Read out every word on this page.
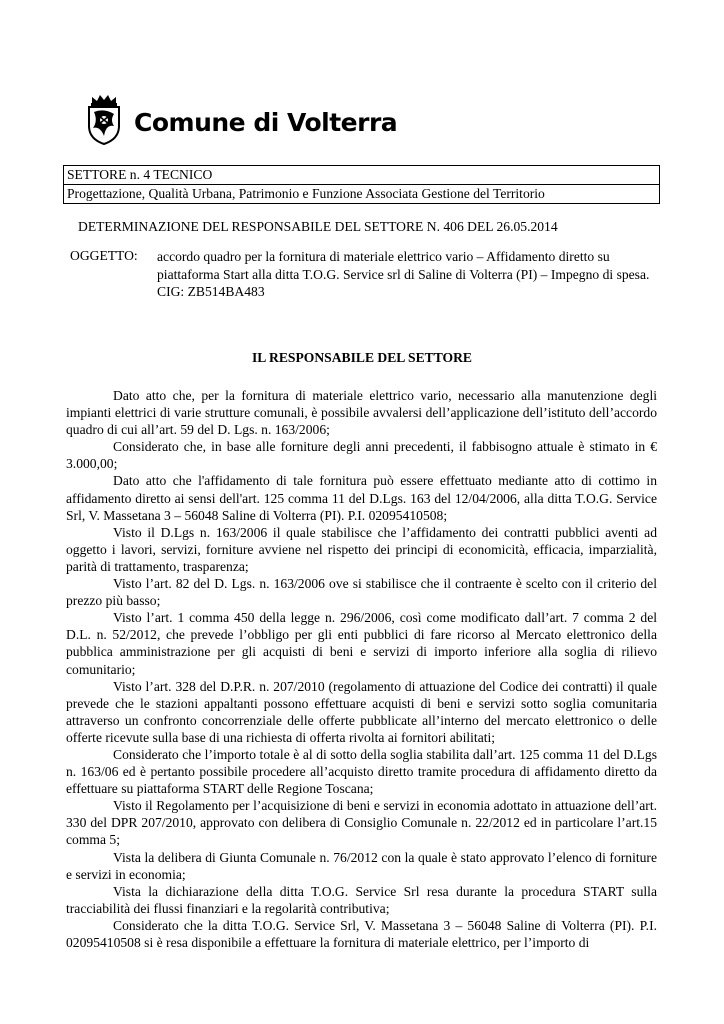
Comune di Volterra
SETTORE n. 4 TECNICO
Progettazione, Qualità Urbana, Patrimonio e Funzione Associata Gestione del Territorio
DETERMINAZIONE DEL RESPONSABILE DEL SETTORE N. 406 DEL 26.05.2014
OGGETTO: accordo quadro per la fornitura di materiale elettrico vario – Affidamento diretto su piattaforma Start alla ditta T.O.G. Service srl di Saline di Volterra (PI) – Impegno di spesa.

CIG: ZB514BA483

IL RESPONSABILE DEL SETTORE

Dato atto che, per la fornitura di materiale elettrico vario, necessario alla manutenzione degli impianti elettrici di varie strutture comunali, è possibile avvalersi dell’applicazione dell’istituto dell’accordo quadro di cui all’art. 59 del D. Lgs. n. 163/2006;

Considerato che, in base alle forniture degli anni precedenti, il fabbisogno attuale è stimato in € 3.000,00;

Dato atto che l'affidamento di tale fornitura può essere effettuato mediante atto di cottimo in affidamento diretto ai sensi dell'art. 125 comma 11 del D.Lgs. 163 del 12/04/2006, alla ditta T.O.G. Service Srl, V. Massetana 3 – 56048 Saline di Volterra (PI). P.I. 02095410508;

Visto il D.Lgs n. 163/2006 il quale stabilisce che l’affidamento dei contratti pubblici aventi ad oggetto i lavori, servizi, forniture avviene nel rispetto dei principi di economicità, efficacia, imparzialità, parità di trattamento, trasparenza;

Visto l’art. 82 del D. Lgs. n. 163/2006 ove si stabilisce che il contraente è scelto con il criterio del prezzo più basso;

Visto l’art. 1 comma 450 della legge n. 296/2006, così come modificato dall’art. 7 comma 2 del D.L. n. 52/2012, che prevede l’obbligo per gli enti pubblici di fare ricorso al Mercato elettronico della pubblica amministrazione per gli acquisti di beni e servizi di importo inferiore alla soglia di rilievo comunitario;

Visto l’art. 328 del D.P.R. n. 207/2010 (regolamento di attuazione del Codice dei contratti) il quale prevede che le stazioni appaltanti possono effettuare acquisti di beni e servizi sotto soglia comunitaria attraverso un confronto concorrenziale delle offerte pubblicate all’interno del mercato elettronico o delle offerte ricevute sulla base di una richiesta di offerta rivolta ai fornitori abilitati;

Considerato che l’importo totale è al di sotto della soglia stabilita dall’art. 125 comma 11 del D.Lgs n. 163/06 ed è pertanto possibile procedere all’acquisto diretto tramite procedura di affidamento diretto da effettuare su piattaforma START delle Regione Toscana;

Visto il Regolamento per l’acquisizione di beni e servizi in economia adottato in attuazione dell’art. 330 del DPR 207/2010, approvato con delibera di Consiglio Comunale n. 22/2012 ed in particolare l’art.15 comma 5;

Vista la delibera di Giunta Comunale n. 76/2012 con la quale è stato approvato l’elenco di forniture e servizi in economia;

Vista la dichiarazione della ditta T.O.G. Service Srl resa durante la procedura START sulla tracciabilità dei flussi finanziari e la regolarità contributiva;

Considerato che la ditta T.O.G. Service Srl, V. Massetana 3 – 56048 Saline di Volterra (PI). P.I. 02095410508 si è resa disponibile a effettuare la fornitura di materiale elettrico, per l’importo di
